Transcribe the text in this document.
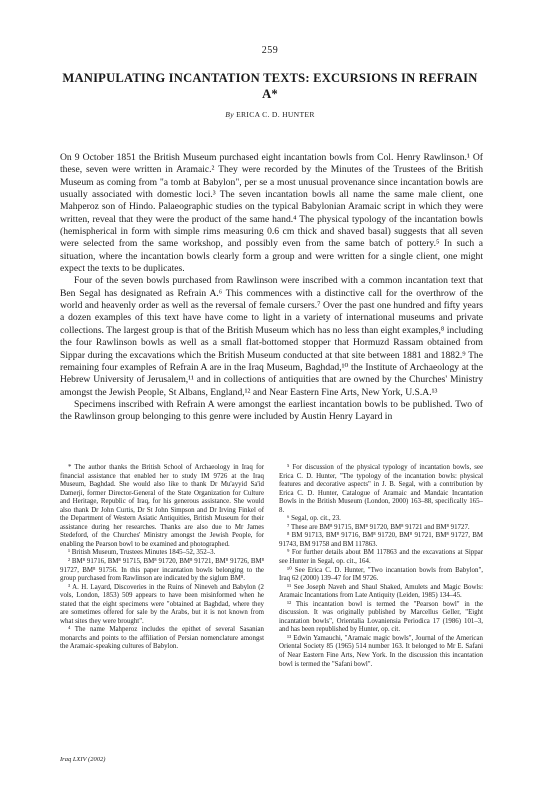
259
MANIPULATING INCANTATION TEXTS: EXCURSIONS IN REFRAIN A*
By ERICA C. D. HUNTER

On 9 October 1851 the British Museum purchased eight incantation bowls from Col. Henry Rawlinson.¹ Of these, seven were written in Aramaic.² They were recorded by the Minutes of the Trustees of the British Museum as coming from "a tomb at Babylon", per se a most unusual provenance since incantation bowls are usually associated with domestic loci.³ The seven incantation bowls all name the same male client, one Mahperoz son of Hindo. Palaeographic studies on the typical Babylonian Aramaic script in which they were written, reveal that they were the product of the same hand.⁴ The physical typology of the incantation bowls (hemispherical in form with simple rims measuring 0.6 cm thick and shaved basal) suggests that all seven were selected from the same workshop, and possibly even from the same batch of pottery.⁵ In such a situation, where the incantation bowls clearly form a group and were written for a single client, one might expect the texts to be duplicates.

Four of the seven bowls purchased from Rawlinson were inscribed with a common incantation text that Ben Segal has designated as Refrain A.⁶ This commences with a distinctive call for the overthrow of the world and heavenly order as well as the reversal of female cursers.⁷ Over the past one hundred and fifty years a dozen examples of this text have have come to light in a variety of international museums and private collections. The largest group is that of the British Museum which has no less than eight examples,⁸ including the four Rawlinson bowls as well as a small flat-bottomed stopper that Hormuzd Rassam obtained from Sippar during the excavations which the British Museum conducted at that site between 1881 and 1882.⁹ The remaining four examples of Refrain A are in the Iraq Museum, Baghdad,¹⁰ the Institute of Archaeology at the Hebrew University of Jerusalem,¹¹ and in collections of antiquities that are owned by the Churches' Ministry amongst the Jewish People, St Albans, England,¹² and Near Eastern Fine Arts, New York, U.S.A.¹³

Specimens inscribed with Refrain A were amongst the earliest incantation bowls to be published. Two of the Rawlinson group belonging to this genre were included by Austin Henry Layard in

* The author thanks the British School of Archaeology in Iraq for financial assistance that enabled her to study IM 9726 at the Iraq Museum, Baghdad. She would also like to thank Dr Mu'ayyid Sa'id Damerji, former Director-General of the State Organization for Culture and Heritage, Republic of Iraq, for his generous assistance. She would also thank Dr John Curtis, Dr St John Simpson and Dr Irving Finkel of the Department of Western Asiatic Antiquities, British Museum for their assistance during her researches. Thanks are also due to Mr James Stedeford, of the Churches' Ministry amongst the Jewish People, for enabling the Pearson bowl to be examined and photographed.

¹ British Museum, Trustees Minutes 1845–52, 352–3.

² BM⁸ 91716, BM⁸ 91715, BM⁸ 91720, BM⁸ 91721, BM⁸ 91726, BM⁸ 91727, BM⁸ 91756. In this paper incantation bowls belonging to the group purchased from Rawlinson are indicated by the siglum BM⁸.

³ A. H. Layard, Discoveries in the Ruins of Nineveh and Babylon (2 vols, London, 1853) 509 appears to have been misinformed when he stated that the eight specimens were "obtained at Baghdad, where they are sometimes offered for sale by the Arabs, but it is not known from what sites they were brought".

⁴ The name Mahperoz includes the epithet of several Sasanian monarchs and points to the affiliation of Persian nomenclature amongst the Aramaic-speaking cultures of Babylon.

⁵ For discussion of the physical typology of incantation bowls, see Erica C. D. Hunter, "The typology of the incantation bowls: physical features and decorative aspects" in J. B. Segal, with a contribution by Erica C. D. Hunter, Catalogue of Aramaic and Mandaic Incantation Bowls in the British Museum (London, 2000) 163–88, specifically 165–8.

⁶ Segal, op. cit., 23.

⁷ These are BM⁸ 91715, BM⁸ 91720, BM⁸ 91721 and BM⁸ 91727.

⁸ BM 91713, BM⁸ 91716, BM⁸ 91720, BM⁸ 91721, BM⁸ 91727, BM 91743, BM 91758 and BM 117863.

⁹ For further details about BM 117863 and the excavations at Sippar see Hunter in Segal, op. cit., 164.

¹⁰ See Erica C. D. Hunter, "Two incantation bowls from Babylon", Iraq 62 (2000) 139–47 for IM 9726.

¹¹ See Joseph Naveh and Shaul Shaked, Amulets and Magic Bowls: Aramaic Incantations from Late Antiquity (Leiden, 1985) 134–45.

¹² This incantation bowl is termed the "Pearson bowl" in the discussion. It was originally published by Marcellus Geller, "Eight incantation bowls", Orientalia Lovaniensia Periodica 17 (1986) 101–3, and has been republished by Hunter, op. cit.

¹³ Edwin Yamauchi, "Aramaic magic bowls", Journal of the American Oriental Society 85 (1965) 514 number 163. It belonged to Mr E. Safani of Near Eastern Fine Arts, New York. In the discussion this incantation bowl is termed the "Safani bowl".

Iraq LXIV (2002)
